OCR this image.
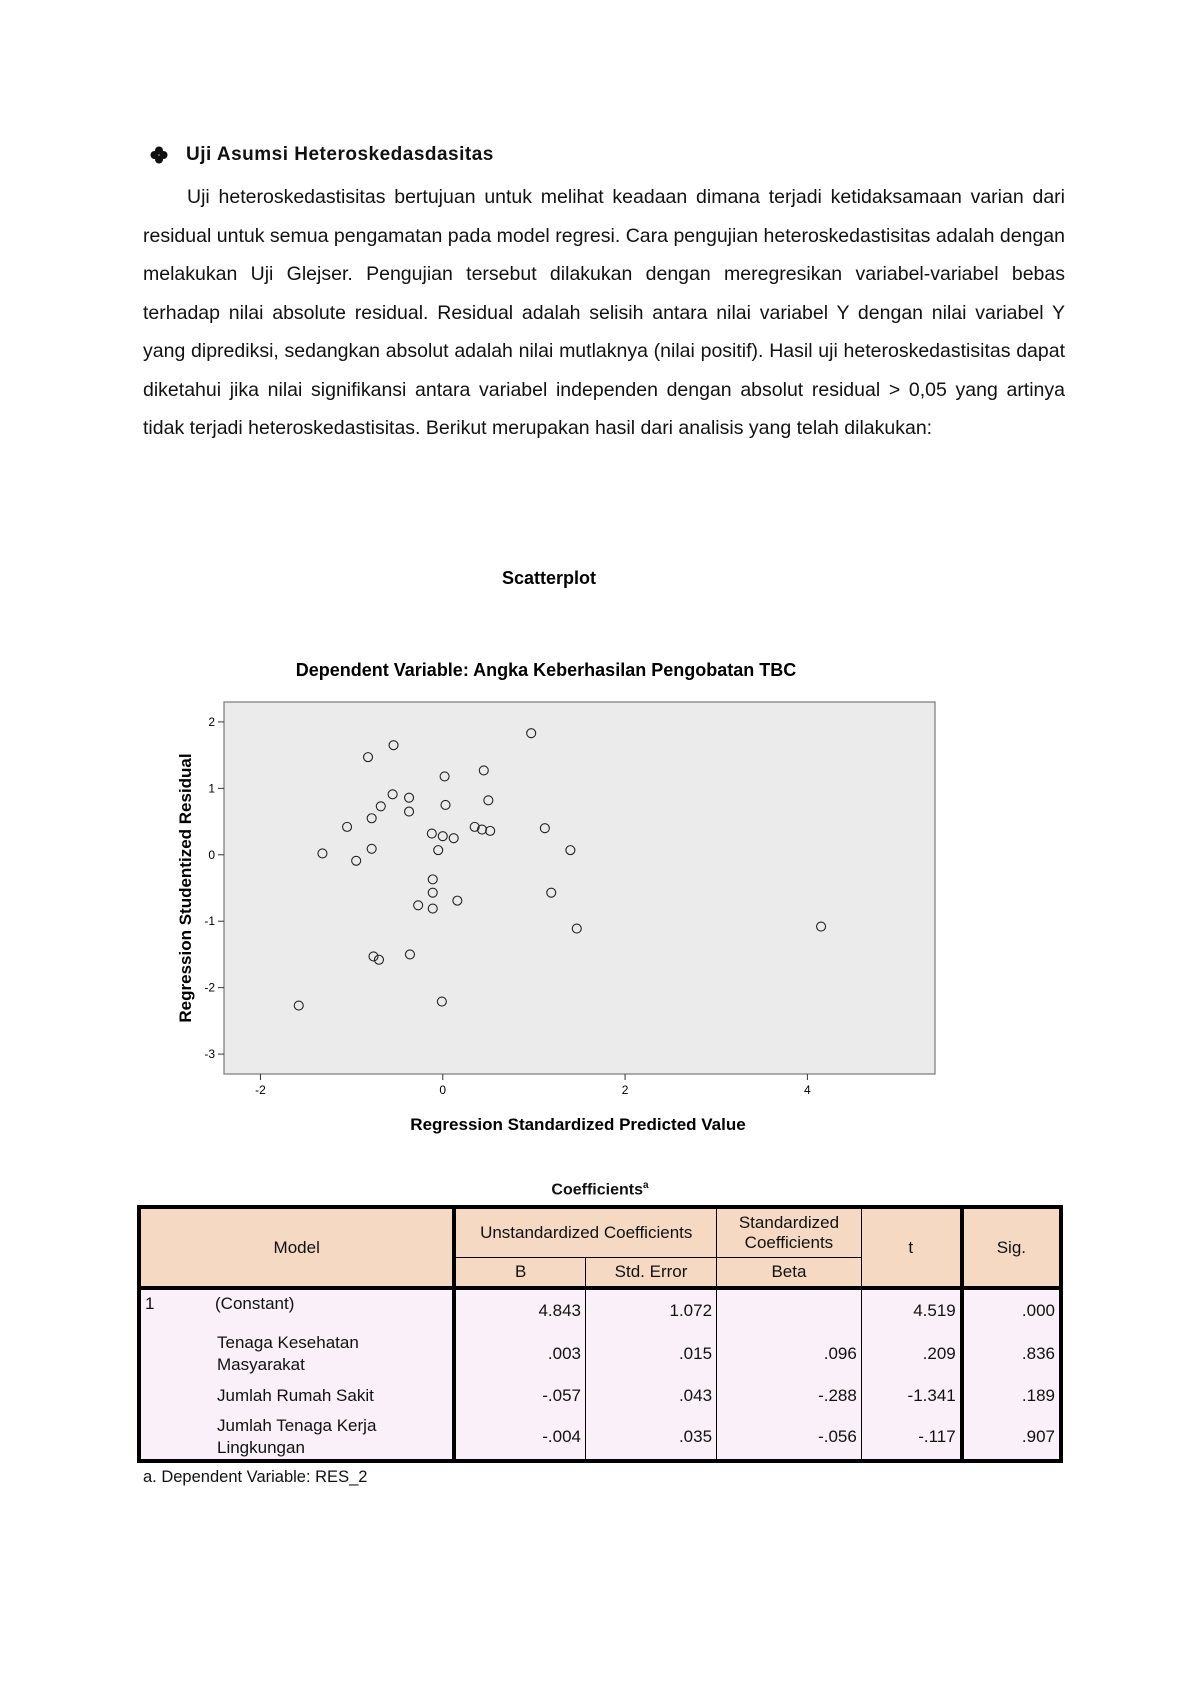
Uji Asumsi Heteroskedasdasitas

Uji heteroskedastisitas bertujuan untuk melihat keadaan dimana terjadi ketidaksamaan varian dari residual untuk semua pengamatan pada model regresi. Cara pengujian heteroskedastisitas adalah dengan melakukan Uji Glejser. Pengujian tersebut dilakukan dengan meregresikan variabel-variabel bebas terhadap nilai absolute residual. Residual adalah selisih antara nilai variabel Y dengan nilai variabel Y yang diprediksi, sedangkan absolut adalah nilai mutlaknya (nilai positif). Hasil uji heteroskedastisitas dapat diketahui jika nilai signifikansi antara variabel independen dengan absolut residual > 0,05 yang artinya tidak terjadi heteroskedastisitas. Berikut merupakan hasil dari analisis yang telah dilakukan:

Scatterplot
Dependent Variable: Angka Keberhasilan Pengobatan TBC
-3
-2
-1
0
1
2
-2	0	2	4
Regression Standardized Predicted Value
Regression Studentized Residual
Coefficients$^a$
Model	Unstandardized Coefficients		Standardized Coefficients	t	Sig.
	B	Std. Error	Beta		
1 (Constant)	4.843	1.072		4.519	.000
Tenaga Kesehatan Masyarakat	.003	.015	.096	.209	.836
Jumlah Rumah Sakit	-.057	.043	-.288	-1.341	.189
Jumlah Tenaga Kerja Lingkungan	-.004	.035	-.056	-.117	.907
a. Dependent Variable: RES_2
